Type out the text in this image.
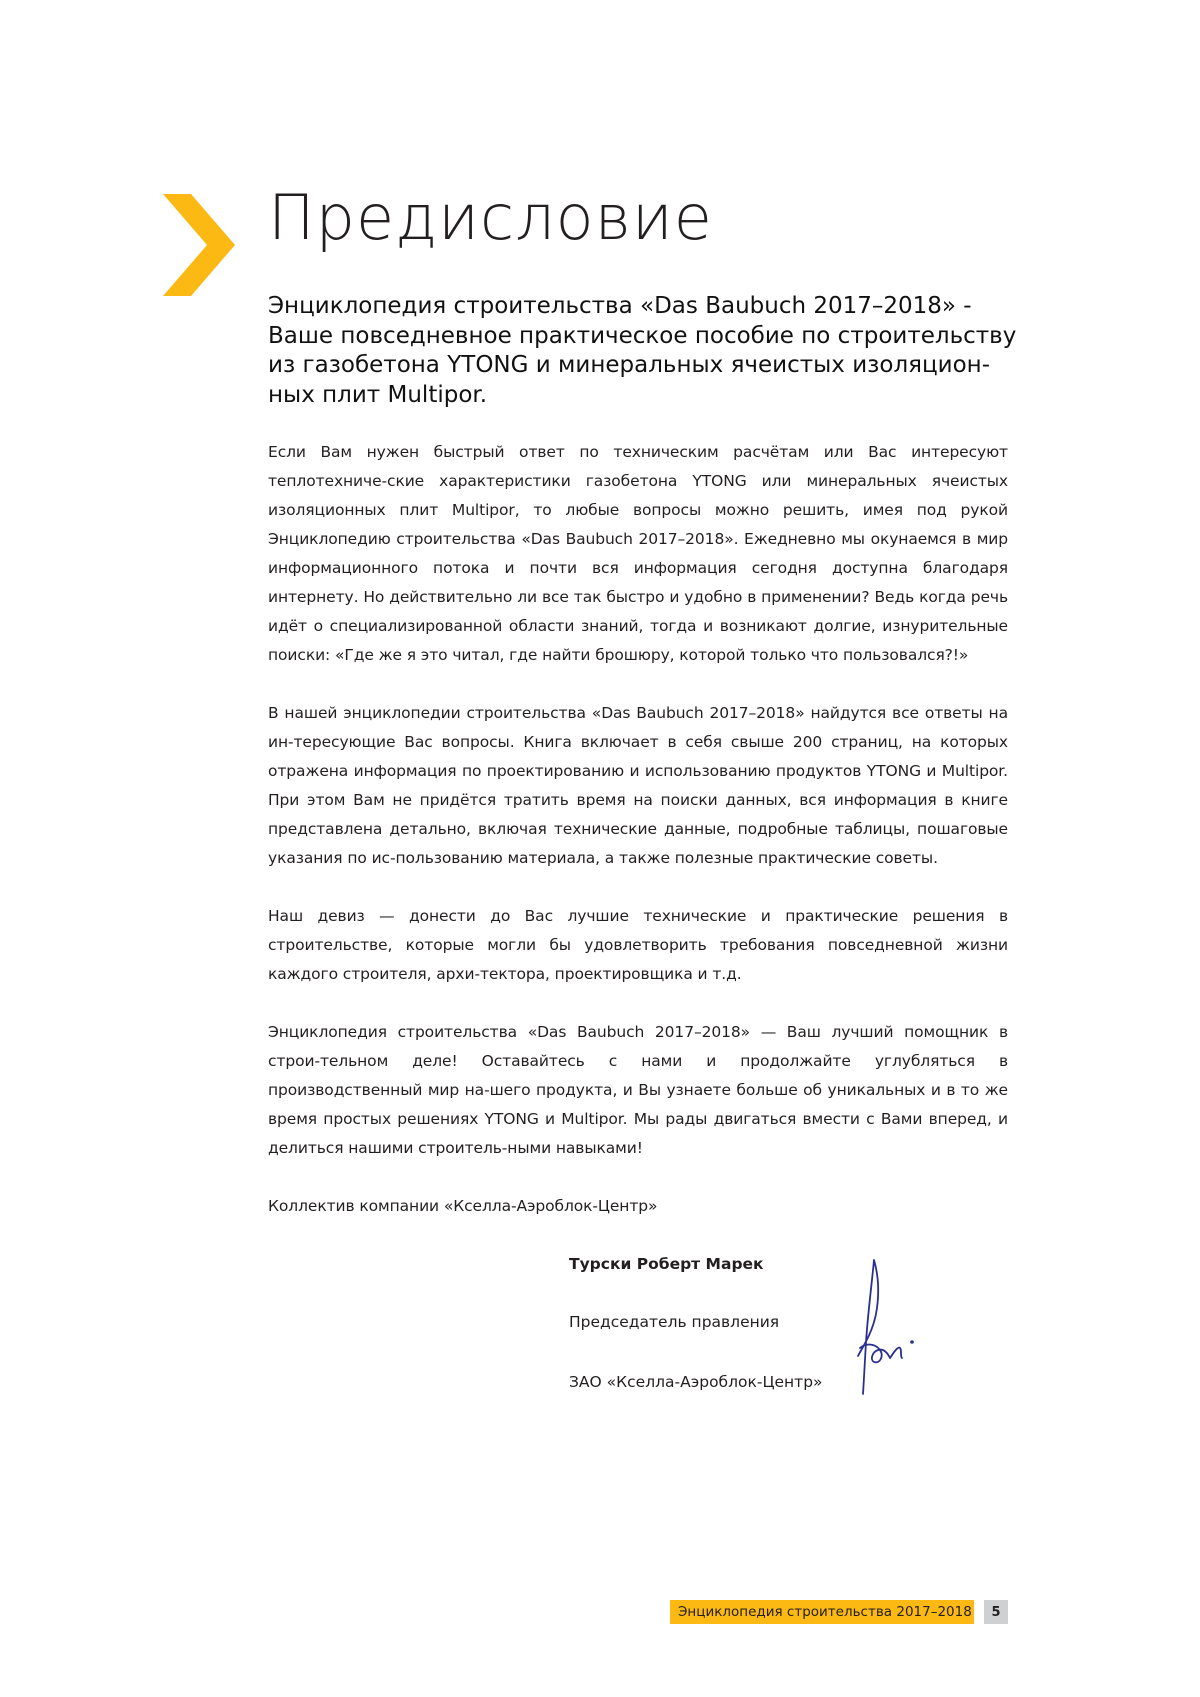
Предисловие
Энциклопедия строительства «Das Baubuch 2017–2018» -
Ваше повседневное практическое пособие по строительству
из газобетона YTONG и минеральных ячеистых изоляцион-
ных плит Multipor.

Если Вам нужен быстрый ответ по техническим расчётам или Вас интересуют теплотехниче-ские характеристики газобетона YTONG или минеральных ячеистых изоляционных плит Multipor, то любые вопросы можно решить, имея под рукой Энциклопедию строительства «Das Baubuch 2017–2018». Ежедневно мы окунаемся в мир информационного потока и почти вся информация сегодня доступна благодаря интернету. Но действительно ли все так быстро и удобно в применении? Ведь когда речь идёт о специализированной области знаний, тогда и возникают долгие, изнурительные поиски: «Где же я это читал, где найти брошюру, которой только что пользовался?!»

В нашей энциклопедии строительства «Das Baubuch 2017–2018» найдутся все ответы на ин-тересующие Вас вопросы. Книга включает в себя свыше 200 страниц, на которых отражена информация по проектированию и использованию продуктов YTONG и Multipor. При этом Вам не придётся тратить время на поиски данных, вся информация в книге представлена детально, включая технические данные, подробные таблицы, пошаговые указания по ис-пользованию материала, а также полезные практические советы.

Наш девиз — донести до Вас лучшие технические и практические решения в строительстве, которые могли бы удовлетворить требования повседневной жизни каждого строителя, архи-тектора, проектировщика и т.д.

Энциклопедия строительства «Das Baubuch 2017–2018» — Ваш лучший помощник в строи-тельном деле! Оставайтесь с нами и продолжайте углубляться в производственный мир на-шего продукта, и Вы узнаете больше об уникальных и в то же время простых решениях YTONG и Multipor. Мы рады двигаться вмести с Вами вперед, и делиться нашими строитель-ными навыками!

Коллектив компании «Кселла-Аэроблок-Центр»

Турски Роберт Марек

Председатель правления

ЗАО «Кселла-Аэроблок-Центр»

Энциклопедия строительства 2017–2018	5
